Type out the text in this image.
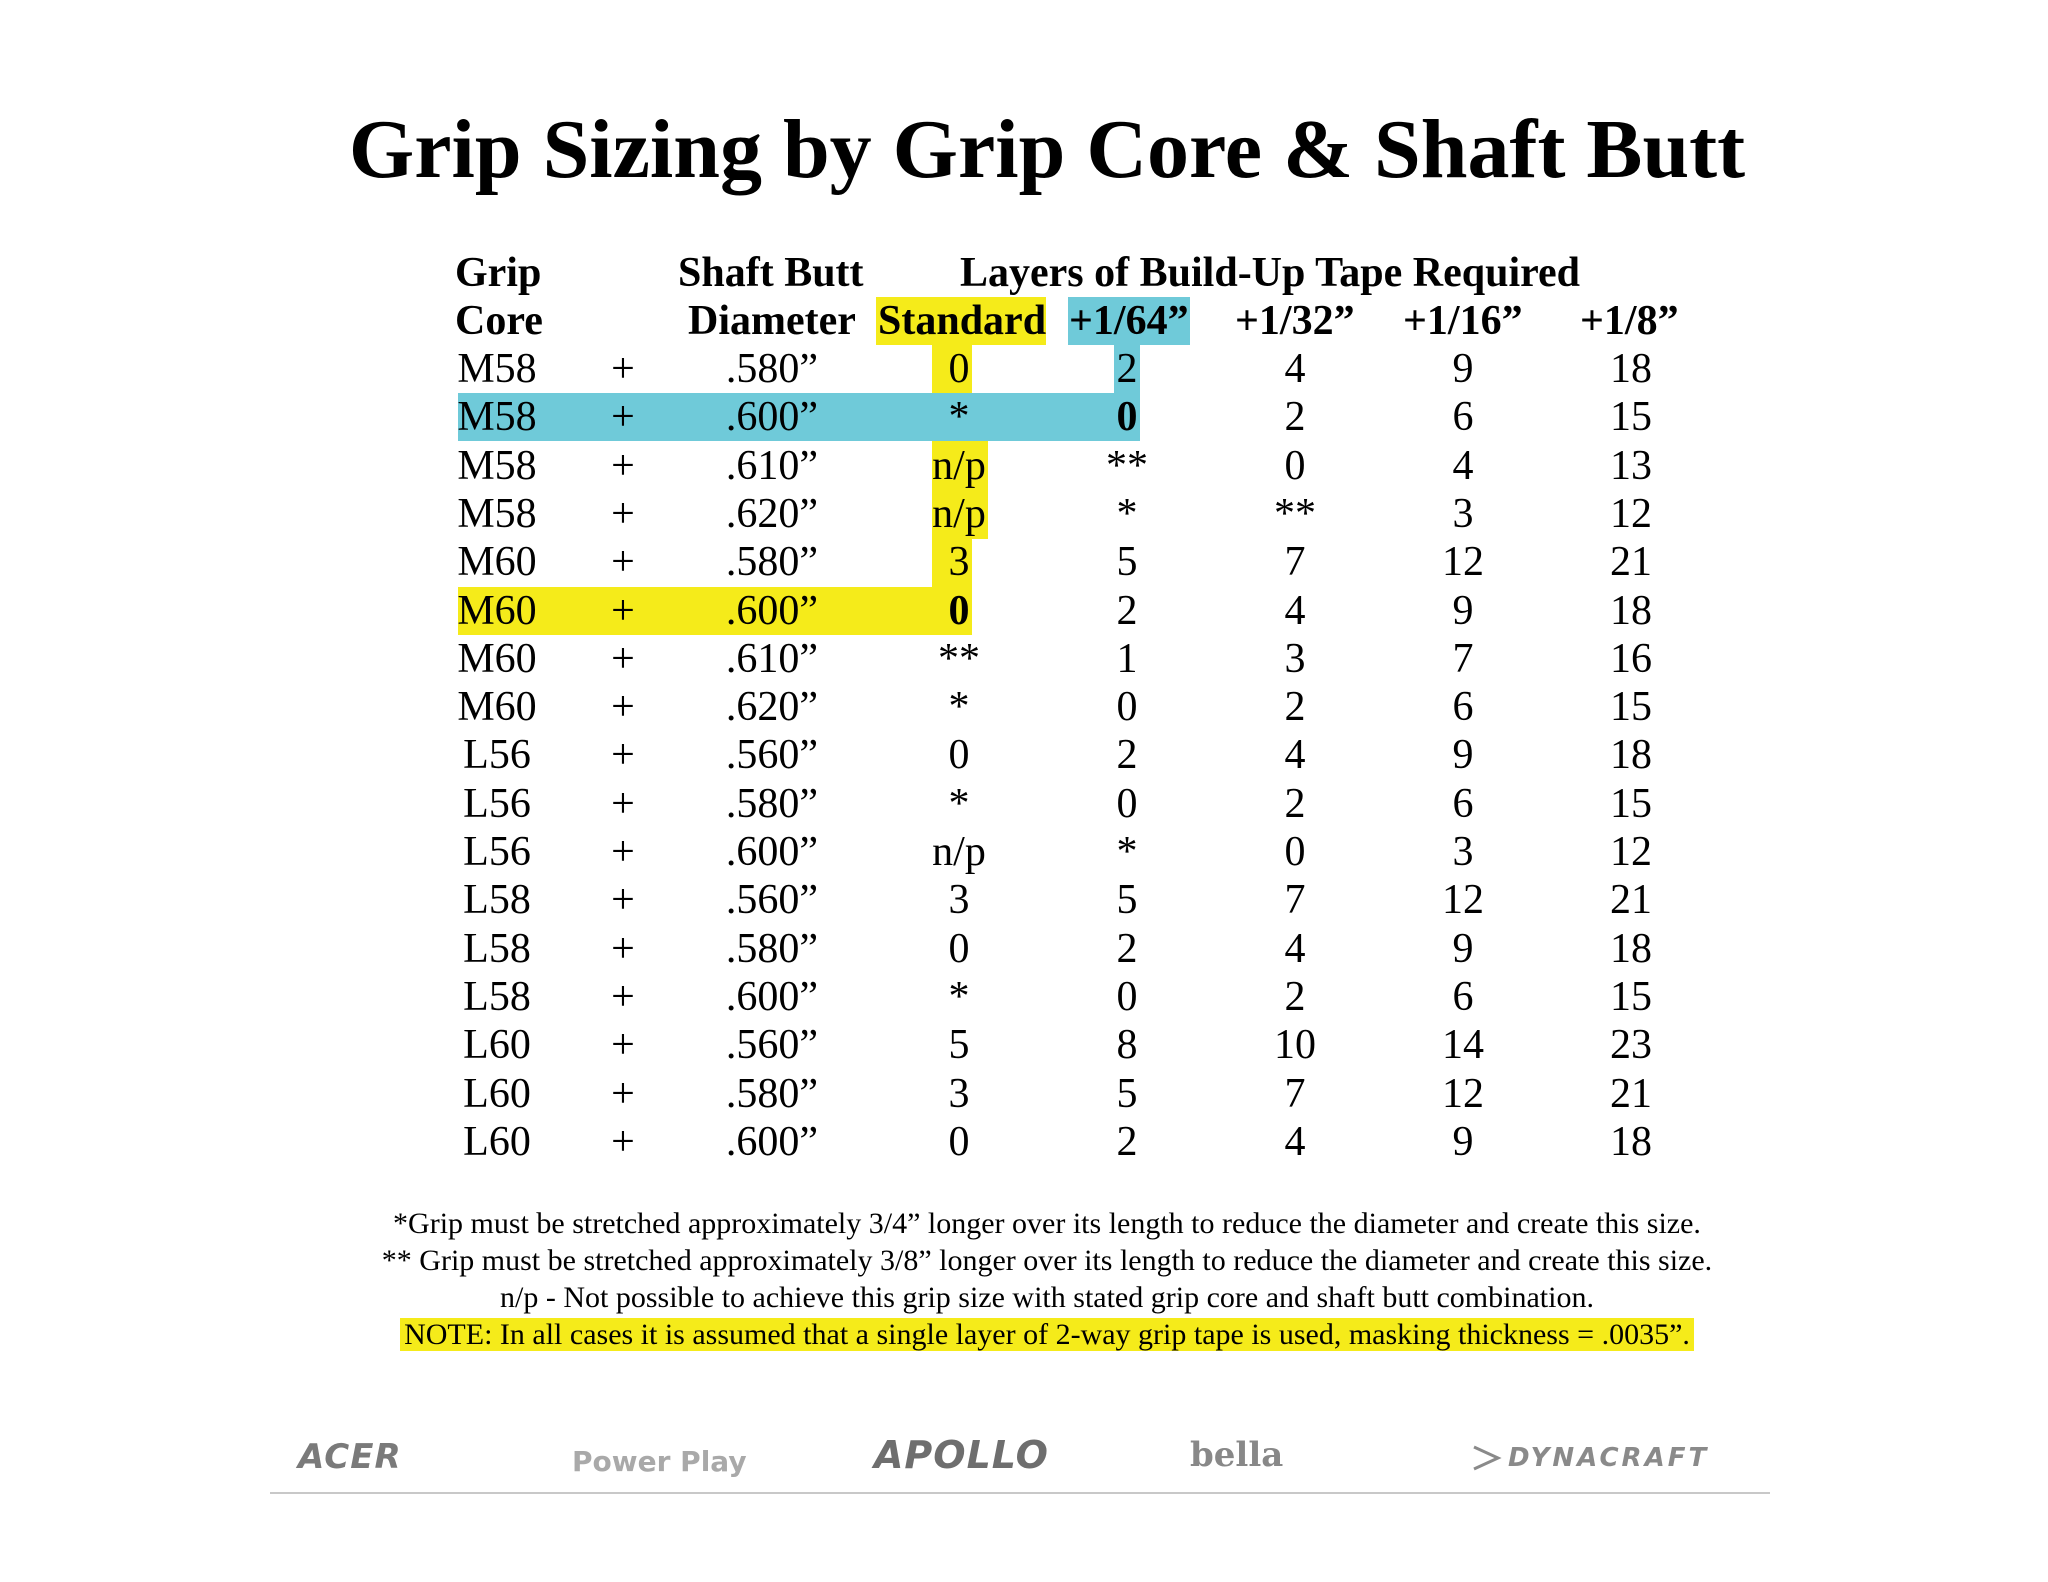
Grip Sizing by Grip Core & Shaft Butt
Grip
Core
Shaft Butt
Diameter
Layers of Build-Up Tape Required
Standard +1/64” +1/32” +1/16” +1/8”
M58	+	.580”	0	2	4	9	18
M58	+	.600”	*	0	2	6	15
M58	+	.610”	n/p	**	0	4	13
M58	+	.620”	n/p	*	**	3	12
M60	+	.580”	3	5	7	12	21
M60	+	.600”	0	2	4	9	18
M60	+	.610”	**	1	3	7	16
M60	+	.620”	*	0	2	6	15
L56	+	.560”	0	2	4	9	18
L56	+	.580”	*	0	2	6	15
L56	+	.600”	n/p	*	0	3	12
L58	+	.560”	3	5	7	12	21
L58	+	.580”	0	2	4	9	18
L58	+	.600”	*	0	2	6	15
L60	+	.560”	5	8	10	14	23
L60	+	.580”	3	5	7	12	21
L60	+	.600”	0	2	4	9	18
*Grip must be stretched approximately 3/4” longer over its length to reduce the diameter and create this size.
** Grip must be stretched approximately 3/8” longer over its length to reduce the diameter and create this size.
n/p - Not possible to achieve this grip size with stated grip core and shaft butt combination.
NOTE: In all cases it is assumed that a single layer of 2-way grip tape is used, masking thickness = .0035”.
ACER	Power Play	APOLLO	bella	DYNACRAFT
